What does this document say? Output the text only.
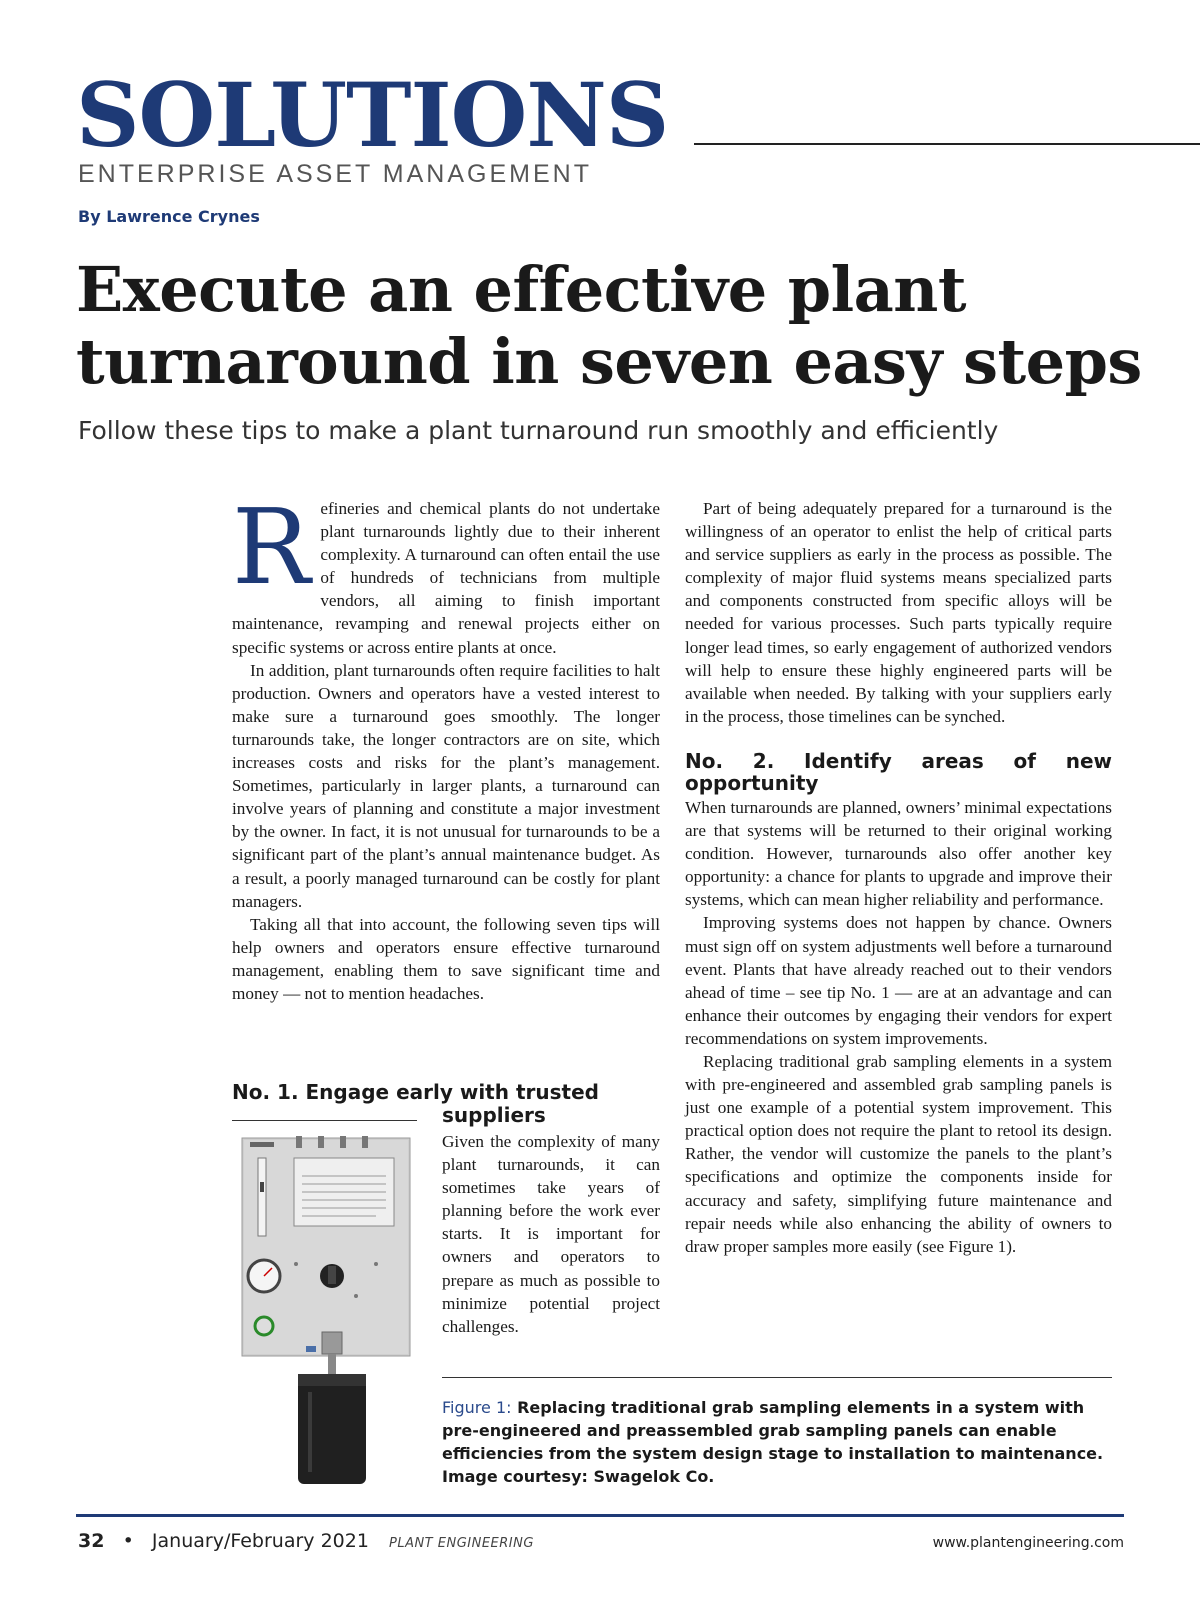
SOLUTIONS
ENTERPRISE ASSET MANAGEMENT
By Lawrence Crynes
Execute an effective plant
turnaround in seven easy steps
Follow these tips to make a plant turnaround run smoothly and efficiently

Refineries and chemical plants do not undertake plant turnarounds lightly due to their inherent complexity. A turnaround can often entail the use of hundreds of technicians from multiple vendors, all aiming to finish important maintenance, revamping and renewal projects either on specific systems or across entire plants at once.

In addition, plant turnarounds often require facilities to halt production. Owners and operators have a vested interest to make sure a turnaround goes smoothly. The longer turnarounds take, the longer contractors are on site, which increases costs and risks for the plant’s management. Sometimes, particularly in larger plants, a turnaround can involve years of planning and constitute a major investment by the owner. In fact, it is not unusual for turnarounds to be a significant part of the plant’s annual maintenance budget. As a result, a poorly managed turnaround can be costly for plant managers.

Taking all that into account, the following seven tips will help owners and operators ensure effective turnaround management, enabling them to save significant time and money — not to mention headaches.

No. 1. Engage early with trusted
suppliers

Given the complexity of many plant turnarounds, it can sometimes take years of planning before the work ever starts. It is important for owners and operators to prepare as much as possible to minimize potential project challenges.

Part of being adequately prepared for a turnaround is the willingness of an operator to enlist the help of critical parts and service suppliers as early in the process as possible. The complexity of major fluid systems means specialized parts and components constructed from specific alloys will be needed for various processes. Such parts typically require longer lead times, so early engagement of authorized vendors will help to ensure these highly engineered parts will be available when needed. By talking with your suppliers early in the process, those timelines can be synched.

No. 2. Identify areas of new opportunity

When turnarounds are planned, owners’ minimal expectations are that systems will be returned to their original working condition. However, turnarounds also offer another key opportunity: a chance for plants to upgrade and improve their systems, which can mean higher reliability and performance.

Improving systems does not happen by chance. Owners must sign off on system adjustments well before a turnaround event. Plants that have already reached out to their vendors ahead of time – see tip No. 1 — are at an advantage and can enhance their outcomes by engaging their vendors for expert recommendations on system improvements.

Replacing traditional grab sampling elements in a system with pre-engineered and assembled grab sampling panels is just one example of a potential system improvement. This practical option does not require the plant to retool its design. Rather, the vendor will customize the panels to the plant’s specifications and optimize the components inside for accuracy and safety, simplifying future maintenance and repair needs while also enhancing the ability of owners to draw proper samples more easily (see Figure 1).

Figure 1: Replacing traditional grab sampling elements in a system with pre-engineered and preassembled grab sampling panels can enable efficiencies from the system design stage to installation to maintenance. Image courtesy: Swagelok Co.
32 • January/February 2021 PLANT ENGINEERING	www.plantengineering.com
